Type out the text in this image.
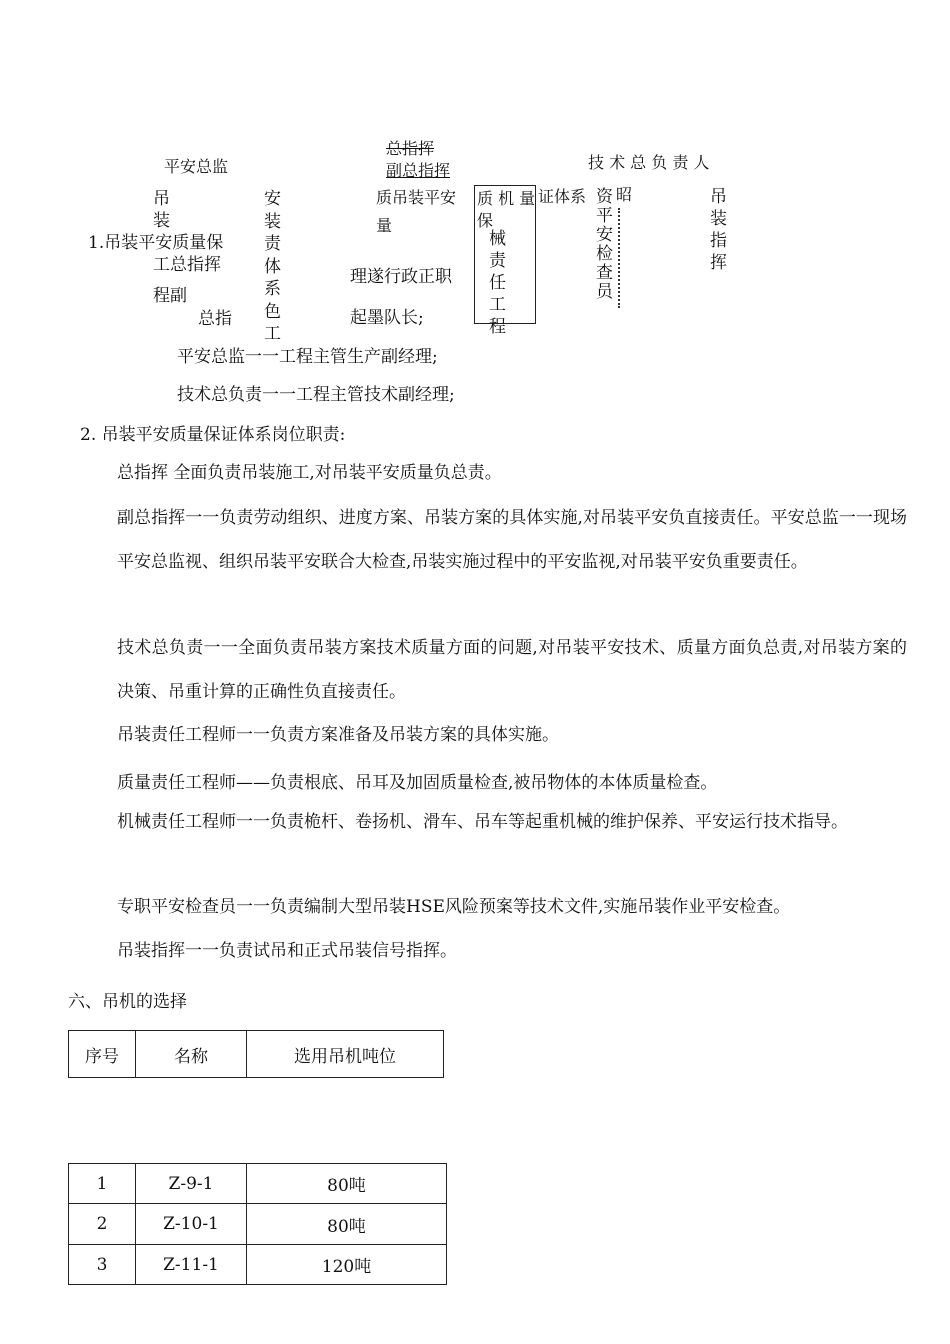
平安总监
总指挥
副总指挥	技 术 总 负 责 人
吊装
安装责体系色工
1.吊装平安质量保
工总指挥
程副
总指
质吊装平安
量
质 机 量
保
械责任工程
证体系 昭
资平安检查员
理遂行政正职
起墨队长;
吊装指挥
平安总监一一工程主管生产副经理;
技术总负责一一工程主管技术副经理;
2. 吊装平安质量保证体系岗位职责:
总指挥 全面负责吊装施工,对吊装平安质量负总责。
副总指挥一一负责劳动组织、进度方案、吊装方案的具体实施,对吊装平安负直接责任。平安总监一一现场平安总监视、组织吊装平安联合大检查,吊装实施过程中的平安监视,对吊装平安负重要责任。
技术总负责一一全面负责吊装方案技术质量方面的问题,对吊装平安技术、质量方面负总责,对吊装方案的决策、吊重计算的正确性负直接责任。
吊装责任工程师一一负责方案准备及吊装方案的具体实施。
质量责任工程师——负责根底、吊耳及加固质量检查,被吊物体的本体质量检查。
机械责任工程师一一负责桅杆、卷扬机、滑车、吊车等起重机械的维护保养、平安运行技术指导。
专职平安检查员一一负责编制大型吊装HSE风险预案等技术文件,实施吊装作业平安检查。
吊装指挥一一负责试吊和正式吊装信号指挥。
六、吊机的选择
序号	名称	选用吊机吨位
1	Z-9-1	80吨
2	Z-10-1	80吨
3	Z-11-1	120吨
